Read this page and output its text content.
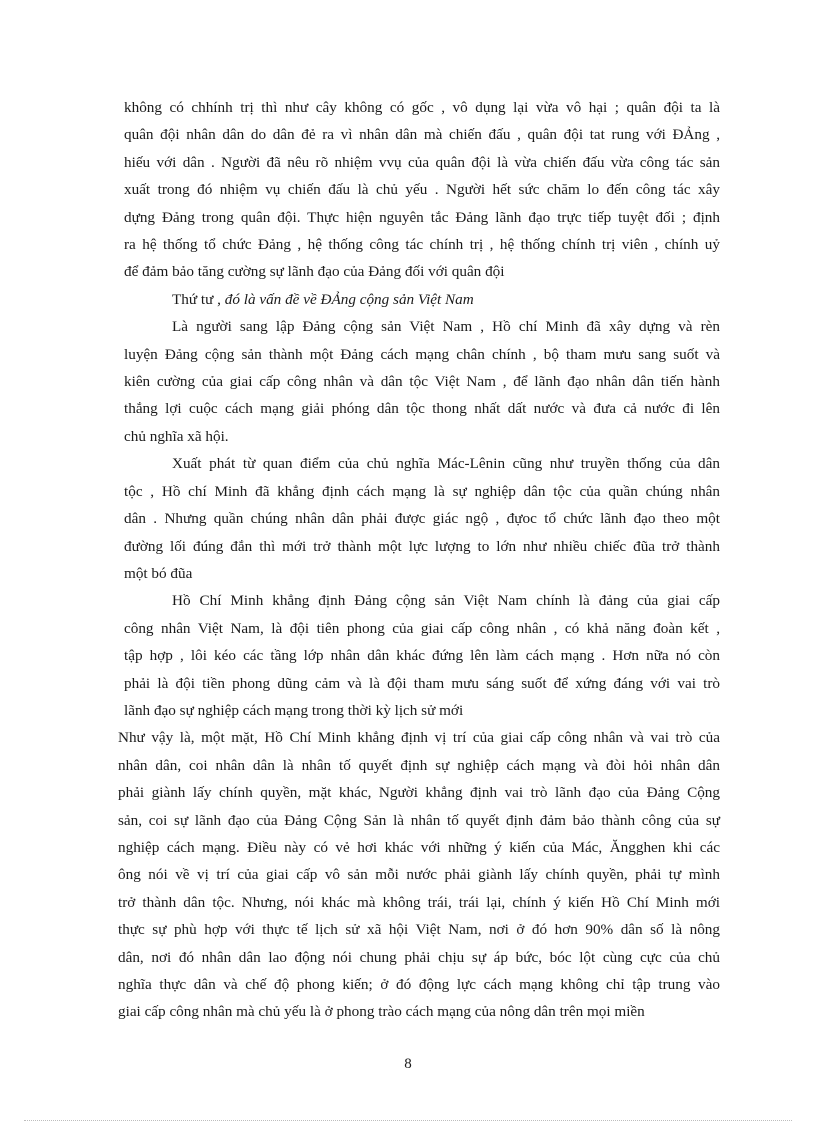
không có chhính trị thì như cây không có gốc , vô dụng lại vừa vô hại ; quân đội ta là
quân đội nhân dân do dân đẻ ra vì nhân dân mà chiến đấu , quân đội tat rung với ĐẢng ,
hiếu với dân . Người đã nêu rõ nhiệm vvụ của quân đội là vừa chiến đấu vừa công tác sản
xuất trong đó nhiệm vụ chiến đấu là chủ yếu . Người hết sức chăm lo đến công tác xây
dựng Đảng trong quân đội. Thực hiện nguyên tắc Đảng lãnh đạo trực tiếp tuyệt đối ; định
ra hệ thống tổ chức Đảng , hệ thống công tác chính trị , hệ thống chính trị viên , chính uỷ
để đảm bảo tăng cường sự lãnh đạo của Đảng đối với quân đội

Thứ tư , đó là vấn đề về ĐẢng cộng sản Việt Nam

Là người sang lập Đảng cộng sản Việt Nam , Hồ chí Minh đã xây dựng và rèn
luyện Đảng cộng sản thành một Đảng cách mạng chân chính , bộ tham mưu sang suốt và
kiên cường của giai cấp công nhân và dân tộc Việt Nam , để lãnh đạo nhân dân tiến hành
thắng lợi cuộc cách mạng giải phóng dân tộc thong nhất dất nước và đưa cả nước đi lên
chủ nghĩa xã hội.
Xuất phát từ quan điểm của chủ nghĩa Mác-Lênin cũng như truyền thống của dân
tộc , Hồ chí Minh đã khẳng định cách mạng là sự nghiệp dân tộc của quần chúng nhân
dân . Nhưng quần chúng nhân dân phải được giác ngộ , đựoc tổ chức lãnh đạo theo một
đường lối đúng đắn thì mới trở thành một lực lượng to lớn như nhiều chiếc đũa trở thành
một bó đũa
Hồ Chí Minh khẳng định Đảng cộng sản Việt Nam chính là đảng của giai cấp
công nhân Việt Nam, là đội tiên phong của giai cấp công nhân , có khả năng đoàn kết ,
tập hợp , lôi kéo các tầng lớp nhân dân khác đứng lên làm cách mạng . Hơn nữa nó còn
phải là đội tiền phong dũng cảm và là đội tham mưu sáng suốt để xứng đáng với vai trò
lãnh đạo sự nghiệp cách mạng trong thời kỳ lịch sử mới
Như vậy là, một mặt, Hồ Chí Minh khẳng định vị trí của giai cấp công nhân và vai trò của
nhân dân, coi nhân dân là nhân tố quyết định sự nghiệp cách mạng và đòi hỏi nhân dân
phải giành lấy chính quyền, mặt khác, Người khẳng định vai trò lãnh đạo của Đảng Cộng
sản, coi sự lãnh đạo của Đảng Cộng Sản là nhân tố quyết định đảm bảo thành công của sự
nghiệp cách mạng. Điều này có vẻ hơi khác với những ý kiến của Mác, Ăngghen khi các
ông nói về vị trí của giai cấp vô sản mỗi nước phải giành lấy chính quyền, phải tự mình
trở thành dân tộc. Nhưng, nói khác mà không trái, trái lại, chính ý kiến Hồ Chí Minh mới
thực sự phù hợp với thực tế lịch sử xã hội Việt Nam, nơi ở đó hơn 90% dân số là nông
dân, nơi đó nhân dân lao động nói chung phải chịu sự áp bức, bóc lột cùng cực của chủ
nghĩa thực dân và chế độ phong kiến; ở đó động lực cách mạng không chỉ tập trung vào
giai cấp công nhân mà chủ yếu là ở phong trào cách mạng của nông dân trên mọi miền
8
